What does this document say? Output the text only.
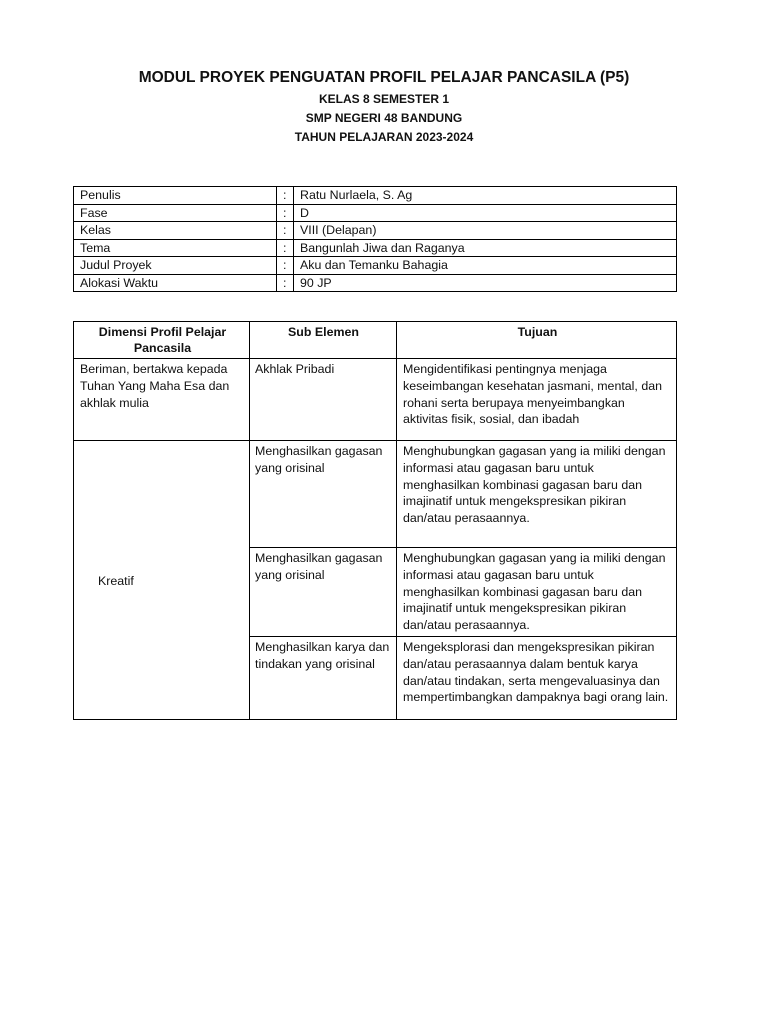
MODUL PROYEK PENGUATAN PROFIL PELAJAR PANCASILA (P5)
KELAS 8 SEMESTER 1
SMP NEGERI 48 BANDUNG
TAHUN PELAJARAN 2023-2024
Penulis	:	Ratu Nurlaela, S. Ag
Fase	:	D
Kelas	:	VIII (Delapan)
Tema	:	Bangunlah Jiwa dan Raganya
Judul Proyek	:	Aku dan Temanku Bahagia
Alokasi Waktu	:	90 JP
Dimensi Profil Pelajar Pancasila	Sub Elemen	Tujuan
Beriman, bertakwa kepada Tuhan Yang Maha Esa dan akhlak mulia	Akhlak Pribadi	Mengidentifikasi pentingnya menjaga keseimbangan kesehatan jasmani, mental, dan rohani serta berupaya menyeimbangkan aktivitas fisik, sosial, dan ibadah
Kreatif	Menghasilkan gagasan yang orisinal	Menghubungkan gagasan yang ia miliki dengan informasi atau gagasan baru untuk menghasilkan kombinasi gagasan baru dan imajinatif untuk mengekspresikan pikiran dan/atau perasaannya.
	Menghasilkan gagasan yang orisinal	Menghubungkan gagasan yang ia miliki dengan informasi atau gagasan baru untuk menghasilkan kombinasi gagasan baru dan imajinatif untuk mengekspresikan pikiran dan/atau perasaannya.
	Menghasilkan karya dan tindakan yang orisinal	Mengeksplorasi dan mengekspresikan pikiran dan/atau perasaannya dalam bentuk karya dan/atau tindakan, serta mengevaluasinya dan mempertimbangkan dampaknya bagi orang lain.
